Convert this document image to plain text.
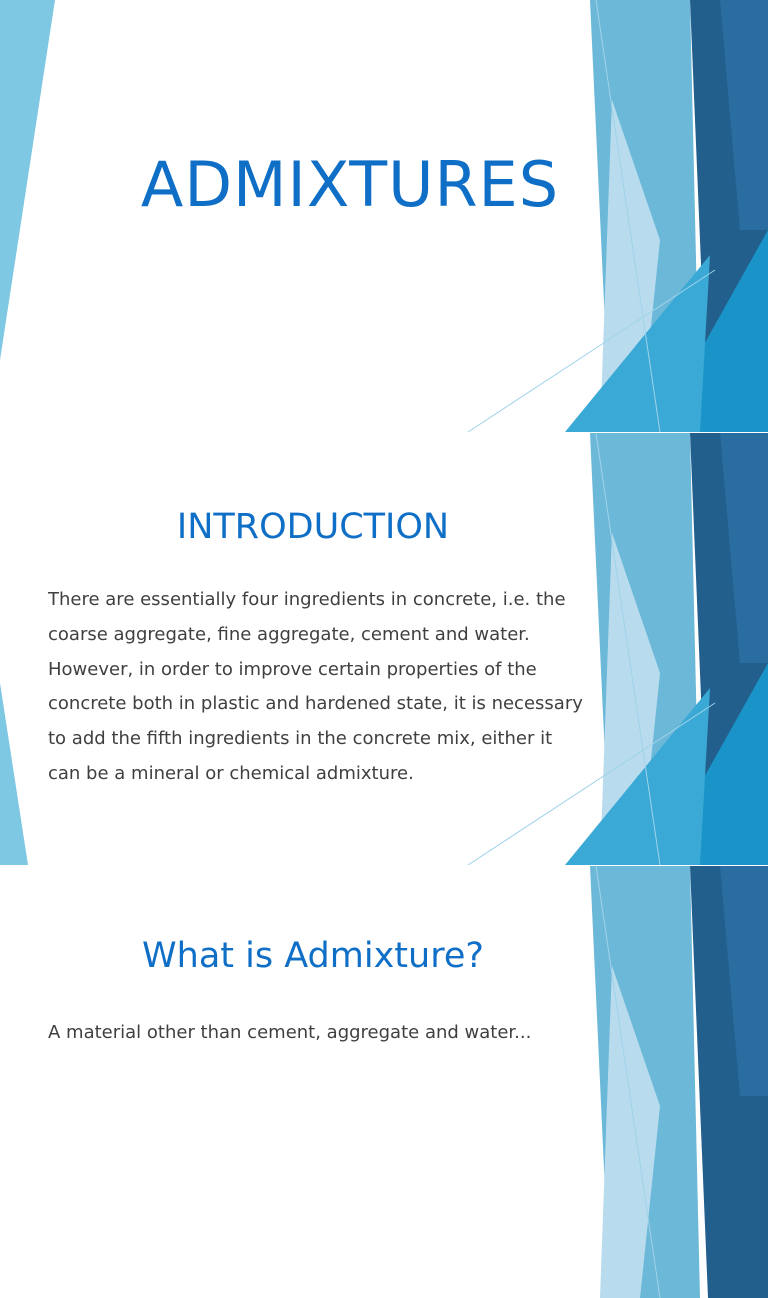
ADMIXTURES
INTRODUCTION

There are essentially four ingredients in concrete, i.e. the coarse aggregate, fine aggregate, cement and water. However, in order to improve certain properties of the concrete both in plastic and hardened state, it is necessary to add the fifth ingredients in the concrete mix, either it can be a mineral or chemical admixture.

What is Admixture?

A material other than cement, aggregate and water...
